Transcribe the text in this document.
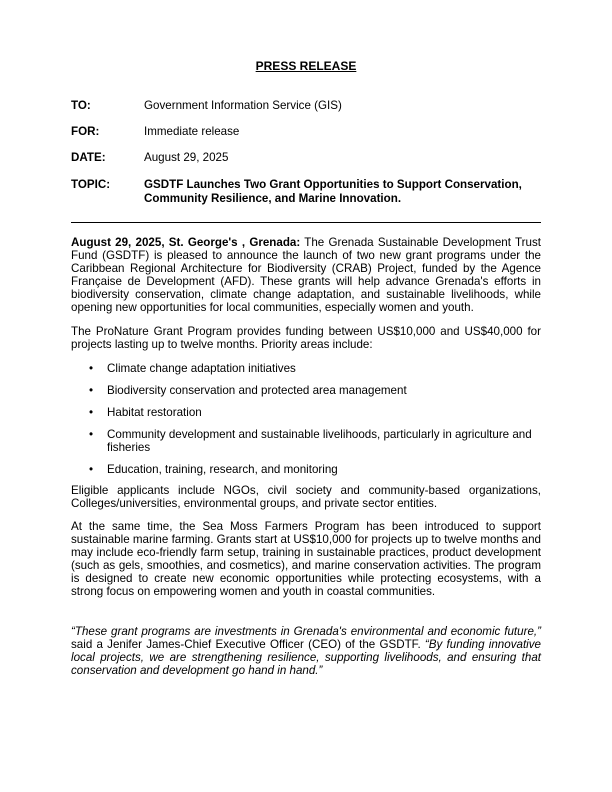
PRESS RELEASE
TO:	Government Information Service (GIS)
FOR:	Immediate release
DATE:	August 29, 2025
TOPIC:	GSDTF Launches Two Grant Opportunities to Support Conservation, Community Resilience, and Marine Innovation.
August 29, 2025, St. George's , Grenada: The Grenada Sustainable Development Trust Fund (GSDTF) is pleased to announce the launch of two new grant programs under the Caribbean Regional Architecture for Biodiversity (CRAB) Project, funded by the Agence Française de Development (AFD). These grants will help advance Grenada's efforts in biodiversity conservation, climate change adaptation, and sustainable livelihoods, while opening new opportunities for local communities, especially women and youth.
The ProNature Grant Program provides funding between US$10,000 and US$40,000 for projects lasting up to twelve months. Priority areas include:
• Climate change adaptation initiatives
• Biodiversity conservation and protected area management
• Habitat restoration
• Community development and sustainable livelihoods, particularly in agriculture and fisheries
• Education, training, research, and monitoring
Eligible applicants include NGOs, civil society and community-based organizations, Colleges/universities, environmental groups, and private sector entities.
At the same time, the Sea Moss Farmers Program has been introduced to support sustainable marine farming. Grants start at US$10,000 for projects up to twelve months and may include eco-friendly farm setup, training in sustainable practices, product development (such as gels, smoothies, and cosmetics), and marine conservation activities. The program is designed to create new economic opportunities while protecting ecosystems, with a strong focus on empowering women and youth in coastal communities.
“These grant programs are investments in Grenada's environmental and economic future,” said a Jenifer James-Chief Executive Officer (CEO) of the GSDTF. “By funding innovative local projects, we are strengthening resilience, supporting livelihoods, and ensuring that conservation and development go hand in hand.”
